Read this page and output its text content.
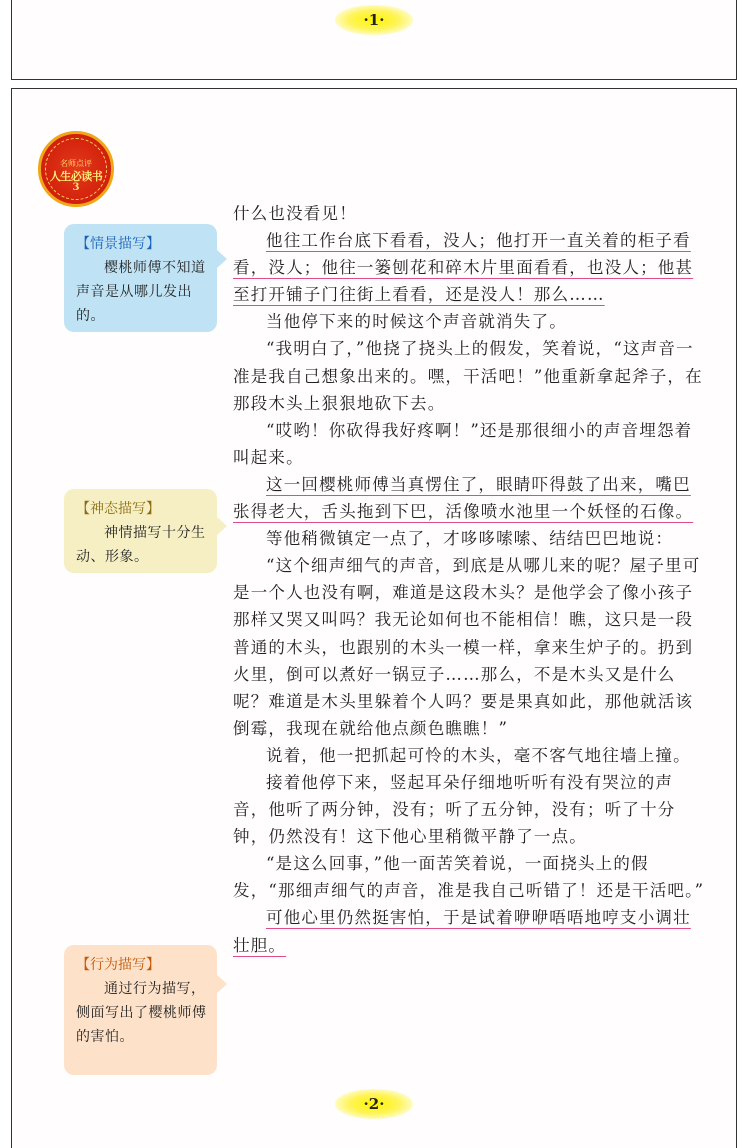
·1·
名师点评
人生必读书
3
【情景描写】
樱桃师傅不知道声音是从哪儿发出的。
【神态描写】
神情描写十分生动、形象。
【行为描写】
通过行为描写，侧面写出了樱桃师傅的害怕。

什么也没看见！

他往工作台底下看看，没人；他打开一直关着的柜子看看，没人；他往一篓刨花和碎木片里面看看，也没人；他甚至打开铺子门往街上看看，还是没人！那么……

当他停下来的时候这个声音就消失了。

“我明白了，”他挠了挠头上的假发，笑着说，“这声音一准是我自己想象出来的。嘿，干活吧！”他重新拿起斧子，在那段木头上狠狠地砍下去。

“哎哟！你砍得我好疼啊！”还是那很细小的声音埋怨着叫起来。

这一回樱桃师傅当真愣住了，眼睛吓得鼓了出来，嘴巴张得老大，舌头拖到下巴，活像喷水池里一个妖怪的石像。

等他稍微镇定一点了，才哆哆嗦嗦、结结巴巴地说：

“这个细声细气的声音，到底是从哪儿来的呢？屋子里可是一个人也没有啊，难道是这段木头？是他学会了像小孩子那样又哭又叫吗？我无论如何也不能相信！瞧，这只是一段普通的木头，也跟别的木头一模一样，拿来生炉子的。扔到火里，倒可以煮好一锅豆子……那么，不是木头又是什么呢？难道是木头里躲着个人吗？要是果真如此，那他就活该倒霉，我现在就给他点颜色瞧瞧！”

说着，他一把抓起可怜的木头，毫不客气地往墙上撞。

接着他停下来，竖起耳朵仔细地听听有没有哭泣的声音，他听了两分钟，没有；听了五分钟，没有；听了十分钟，仍然没有！这下他心里稍微平静了一点。

“是这么回事，”他一面苦笑着说，一面挠头上的假发，“那细声细气的声音，准是我自己听错了！还是干活吧。”

可他心里仍然挺害怕，于是试着咿咿唔唔地哼支小调壮壮胆。

·2·
